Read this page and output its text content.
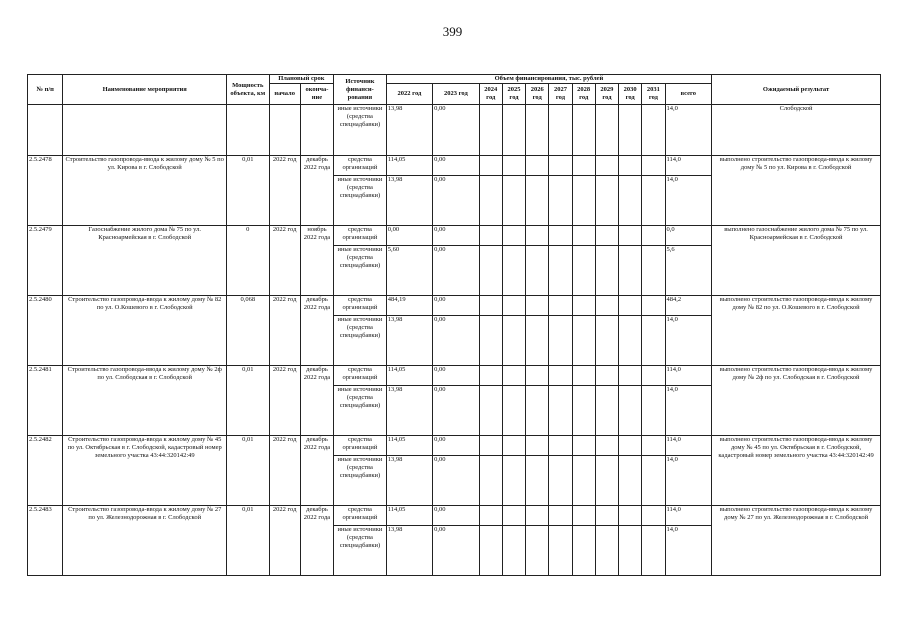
399
№ п/п	Наименование мероприятия	Мощность объекта, км	Плановый срок		Источник финанси-рования	Объем финансирования, тыс. рублей											Ожидаемый результат
			начало	оконча-ние		2022 год	2023 год	2024 год	2025 год	2026 год	2027 год	2028 год	2029 год	2030 год	2031 год	всего	
					иные источники (средства спецнадбавки)	13,98	0,00									14,0	Слободской
2.5.2478	Строительство газопровода-ввода к жилому дому № 5 по ул. Кирова в г. Слободской	0,01	2022 год	декабрь 2022 года	средства организаций	114,05	0,00									114,0	выполнено строительство газопровода-ввода к жилому дому № 5 по ул. Кирова в г. Слободской
					иные источники (средства спецнадбавки)	13,98	0,00									14,0	
2.5.2479	Газоснабжение жилого дома № 75 по ул. Красноармейская в г. Слободской	0	2022 год	ноябрь 2022 года	средства организаций	0,00	0,00									0,0	выполнено газоснабжение жилого дома № 75 по ул. Красноармейская в г. Слободской
					иные источники (средства спецнадбавки)	5,60	0,00									5,6	
2.5.2480	Строительство газопровода-ввода к жилому дому № 82 по ул. О.Кошевого в г. Слободской	0,068	2022 год	декабрь 2022 года	средства организаций	484,19	0,00									484,2	выполнено строительство газопровода-ввода к жилому дому № 82 по ул. О.Кошевого в г. Слободской
					иные источники (средства спецнадбавки)	13,98	0,00									14,0	
2.5.2481	Строительство газопровода-ввода к жилому дому № 2ф по ул. Слободская в г. Слободской	0,01	2022 год	декабрь 2022 года	средства организаций	114,05	0,00									114,0	выполнено строительство газопровода-ввода к жилому дому № 2ф по ул. Слободская в г. Слободской
					иные источники (средства спецнадбавки)	13,98	0,00									14,0	
2.5.2482	Строительство газопровода-ввода к жилому дому № 45 по ул. Октябрьская в г. Слободской, кадастровый номер земельного участка 43:44:320142:49	0,01	2022 год	декабрь 2022 года	средства организаций	114,05	0,00									114,0	выполнено строительство газопровода-ввода к жилому дому № 45 по ул. Октябрьская в г. Слободской, кадастровый номер земельного участка 43:44:320142:49
					иные источники (средства спецнадбавки)	13,98	0,00									14,0	
2.5.2483	Строительство газопровода-ввода к жилому дому № 27 по ул. Железнодорожная в г. Слободской	0,01	2022 год	декабрь 2022 года	средства организаций	114,05	0,00									114,0	выполнено строительство газопровода-ввода к жилому дому № 27 по ул. Железнодорожная в г. Слободской
					иные источники (средства спецнадбавки)	13,98	0,00									14,0	
